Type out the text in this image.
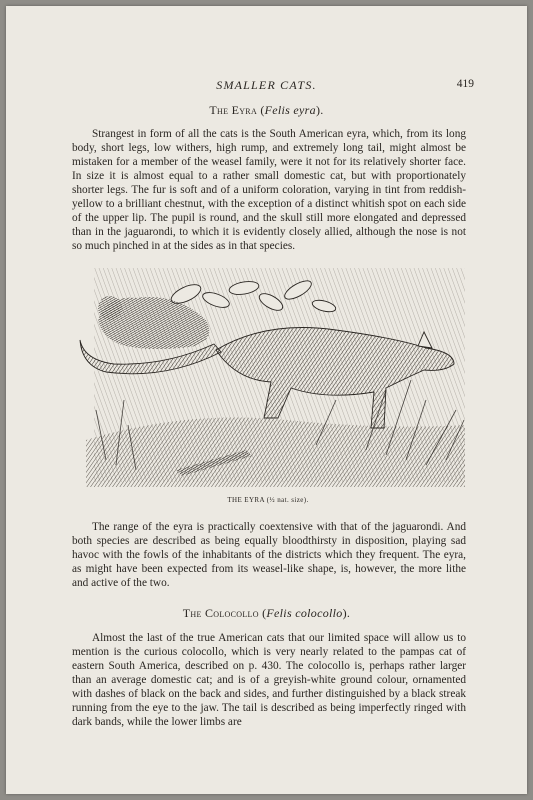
SMALLER CATS.	419
The Eyra (Felis eyra).

Strangest in form of all the cats is the South American eyra, which, from its long body, short legs, low withers, high rump, and extremely long tail, might almost be mistaken for a member of the weasel family, were it not for its relatively shorter face. In size it is almost equal to a rather small domestic cat, but with proportionately shorter legs. The fur is soft and of a uniform coloration, varying in tint from reddish-yellow to a brilliant chestnut, with the exception of a distinct whitish spot on each side of the upper lip. The pupil is round, and the skull still more elongated and depressed than in the jaguarondi, to which it is evidently closely allied, although the nose is not so much pinched in at the sides as in that species.

THE EYRA (½ nat. size).

The range of the eyra is practically coextensive with that of the jaguarondi. And both species are described as being equally bloodthirsty in disposition, playing sad havoc with the fowls of the inhabitants of the districts which they frequent. The eyra, as might have been expected from its weasel-like shape, is, however, the more lithe and active of the two.

The Colocollo (Felis colocollo).

Almost the last of the true American cats that our limited space will allow us to mention is the curious colocollo, which is very nearly related to the pampas cat of eastern South America, described on p. 430. The colocollo is, perhaps rather larger than an average domestic cat; and is of a greyish-white ground colour, ornamented with dashes of black on the back and sides, and further distinguished by a black streak running from the eye to the jaw. The tail is described as being imperfectly ringed with dark bands, while the lower limbs are
